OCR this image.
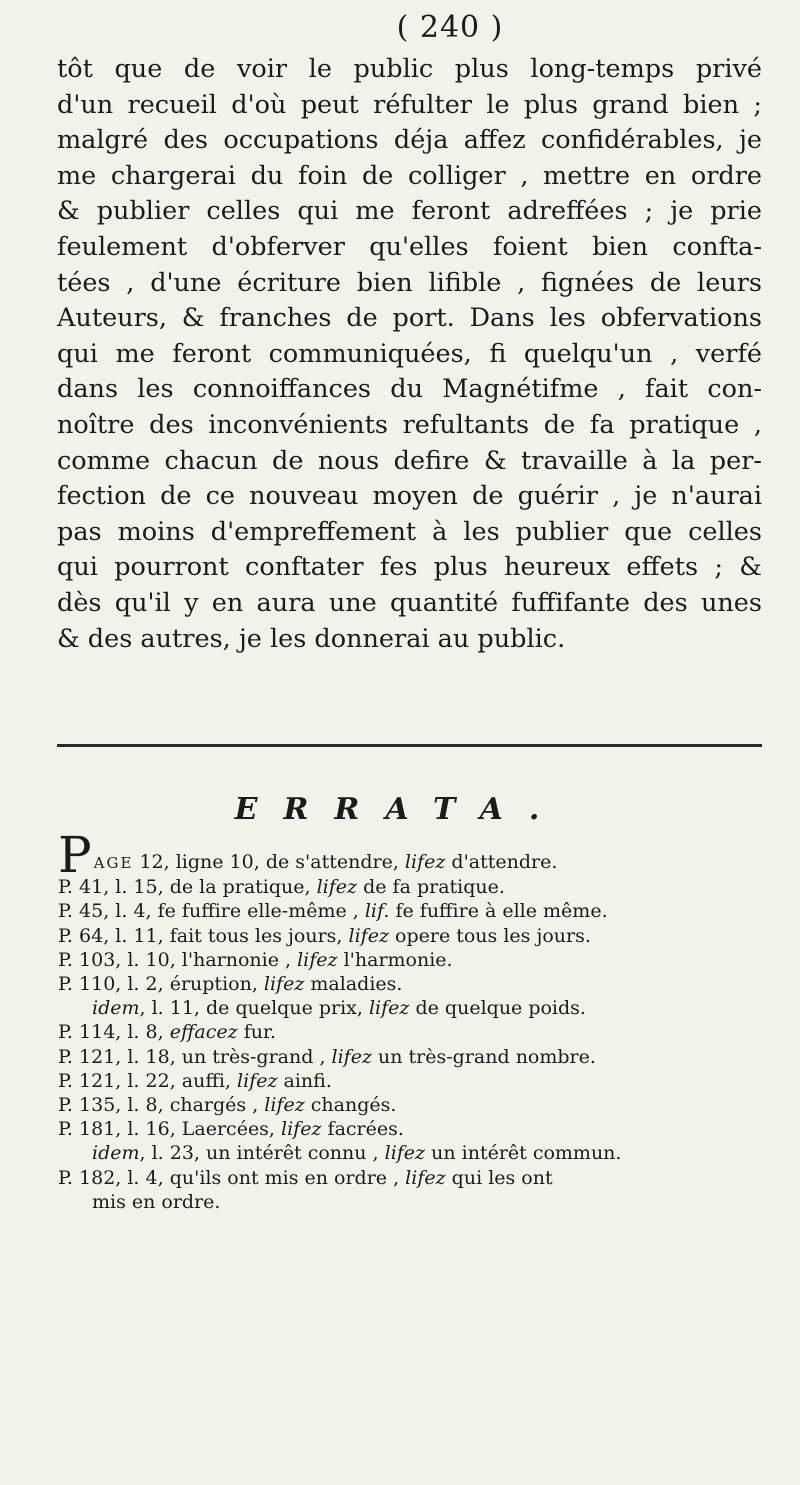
( 240 )
tôt que de voir le public plus long-temps privé
d'un recueil d'où peut réfulter le plus grand bien ;
malgré des occupations déja affez confidérables, je
me chargerai du foin de colliger , mettre en ordre
& publier celles qui me feront adreffées ; je prie
feulement d'obferver qu'elles foient bien confta-
tées , d'une écriture bien lifible , fignées de leurs
Auteurs, & franches de port. Dans les obfervations
qui me feront communiquées, fi quelqu'un , verfé
dans les connoiffances du Magnétifme , fait con-
noître des inconvénients refultants de fa pratique ,
comme chacun de nous defire & travaille à la per-
fection de ce nouveau moyen de guérir , je n'aurai
pas moins d'empreffement à les publier que celles
qui pourront conftater fes plus heureux effets ; &
dès qu'il y en aura une quantité fuffifante des unes
& des autres, je les donnerai au public.
ERRATA.
PAGE 12, ligne 10, de s'attendre, lifez d'attendre.
P. 41, l. 15, de la pratique, lifez de fa pratique.
P. 45, l. 4, fe fuffire elle-même , lif. fe fuffire à elle même.
P. 64, l. 11, fait tous les jours, lifez opere tous les jours.
P. 103, l. 10, l'harnonie , lifez l'harmonie.
P. 110, l. 2, éruption, lifez maladies.
idem, l. 11, de quelque prix, lifez de quelque poids.
P. 114, l. 8, effacez fur.
P. 121, l. 18, un très-grand , lifez un très-grand nombre.
P. 121, l. 22, auffi, lifez ainfi.
P. 135, l. 8, chargés , lifez changés.
P. 181, l. 16, Laercées, lifez facrées.
idem, l. 23, un intérêt connu , lifez un intérêt commun.
P. 182, l. 4, qu'ils ont mis en ordre , lifez qui les ont
mis en ordre.
